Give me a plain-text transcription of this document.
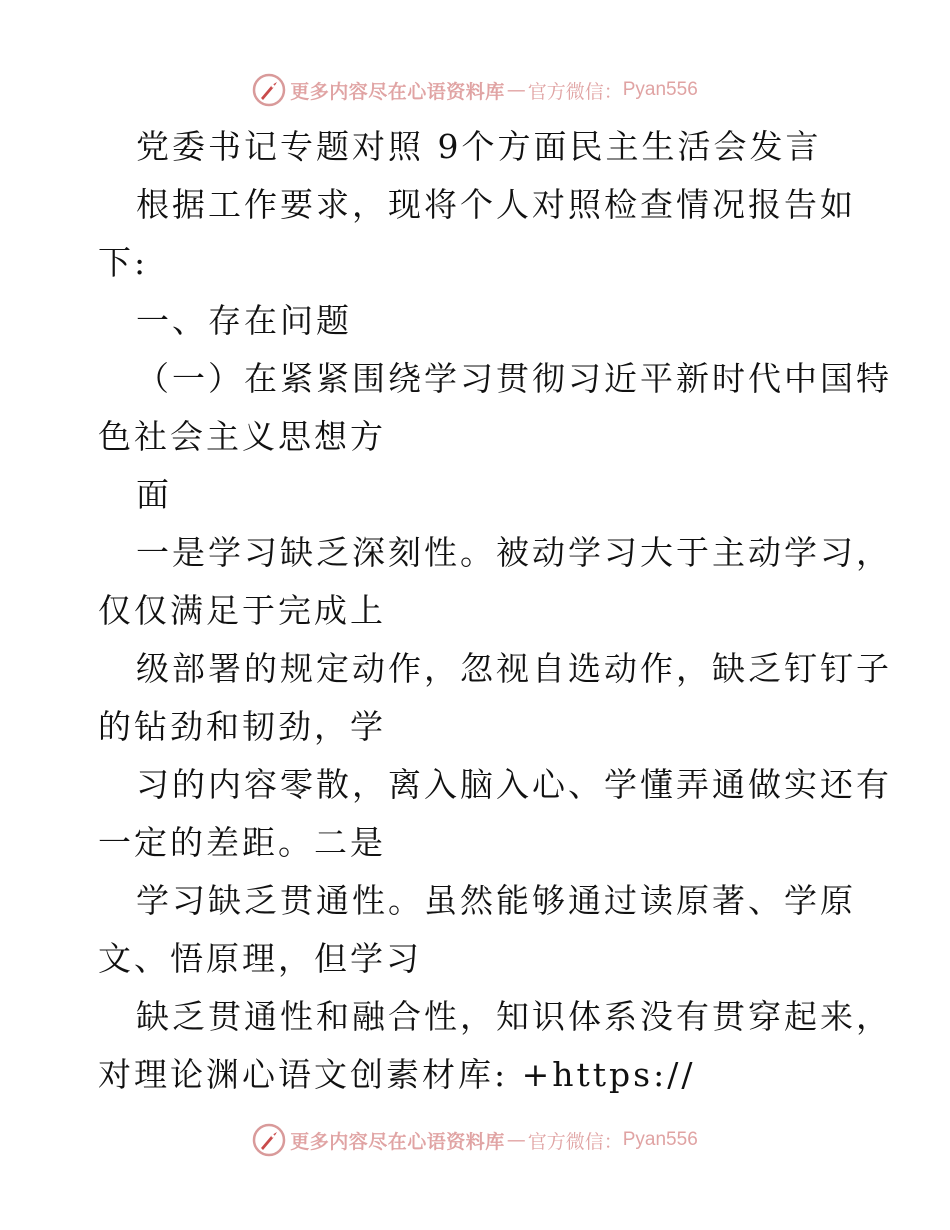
更多内容尽在心语资料库 — 官方微信： Pyan556
党委书记专题对照 9个方面民主生活会发言
根据工作要求，现将个人对照检查情况报告如
下:
一、存在问题
（一）在紧紧围绕学习贯彻习近平新时代中国特
色社会主义思想方
面
一是学习缺乏深刻性。被动学习大于主动学习，
仅仅满足于完成上
级部署的规定动作，忽视自选动作，缺乏钉钉子
的钻劲和韧劲，学
习的内容零散，离入脑入心、学懂弄通做实还有
一定的差距。二是
学习缺乏贯通性。虽然能够通过读原著、学原
文、悟原理，但学习
缺乏贯通性和融合性，知识体系没有贯穿起来，
对理论渊心语文创素材库: +https://
更多内容尽在心语资料库 — 官方微信： Pyan556
